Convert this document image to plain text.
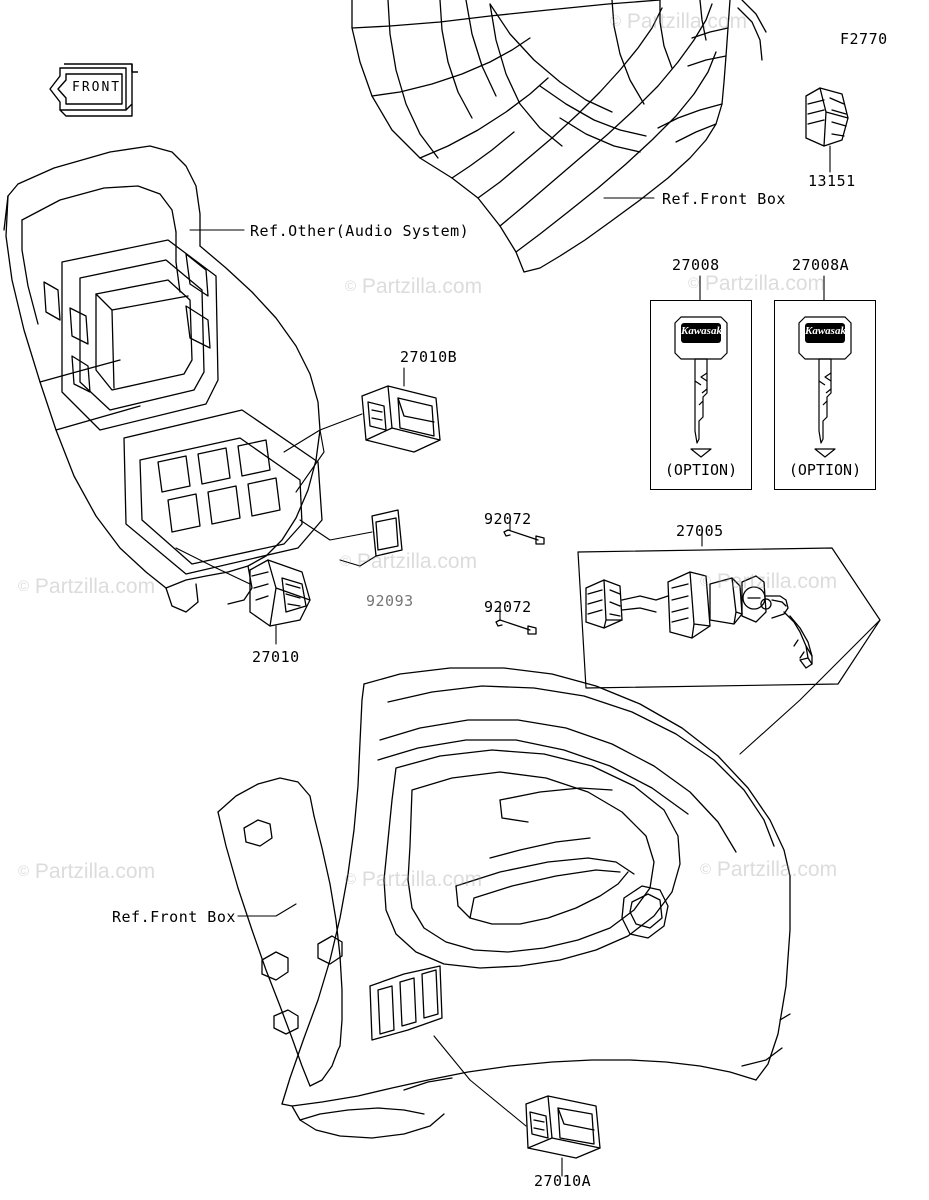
FRONT
Kawasaki
(OPTION)
Kawasaki
(OPTION)
F2770
13151
Ref.Front Box
Ref.Other(Audio System)
27008	27008A
27010B
27010
92072
92072
27005
92093
Ref.Front Box
27010A
© Partzilla.com	© Partzilla.com
© Partzilla.com
© Partzilla.com	© Partzilla.com
© Partzilla.com	© Partzilla.com	© Partzilla.com
© Partzilla.com
